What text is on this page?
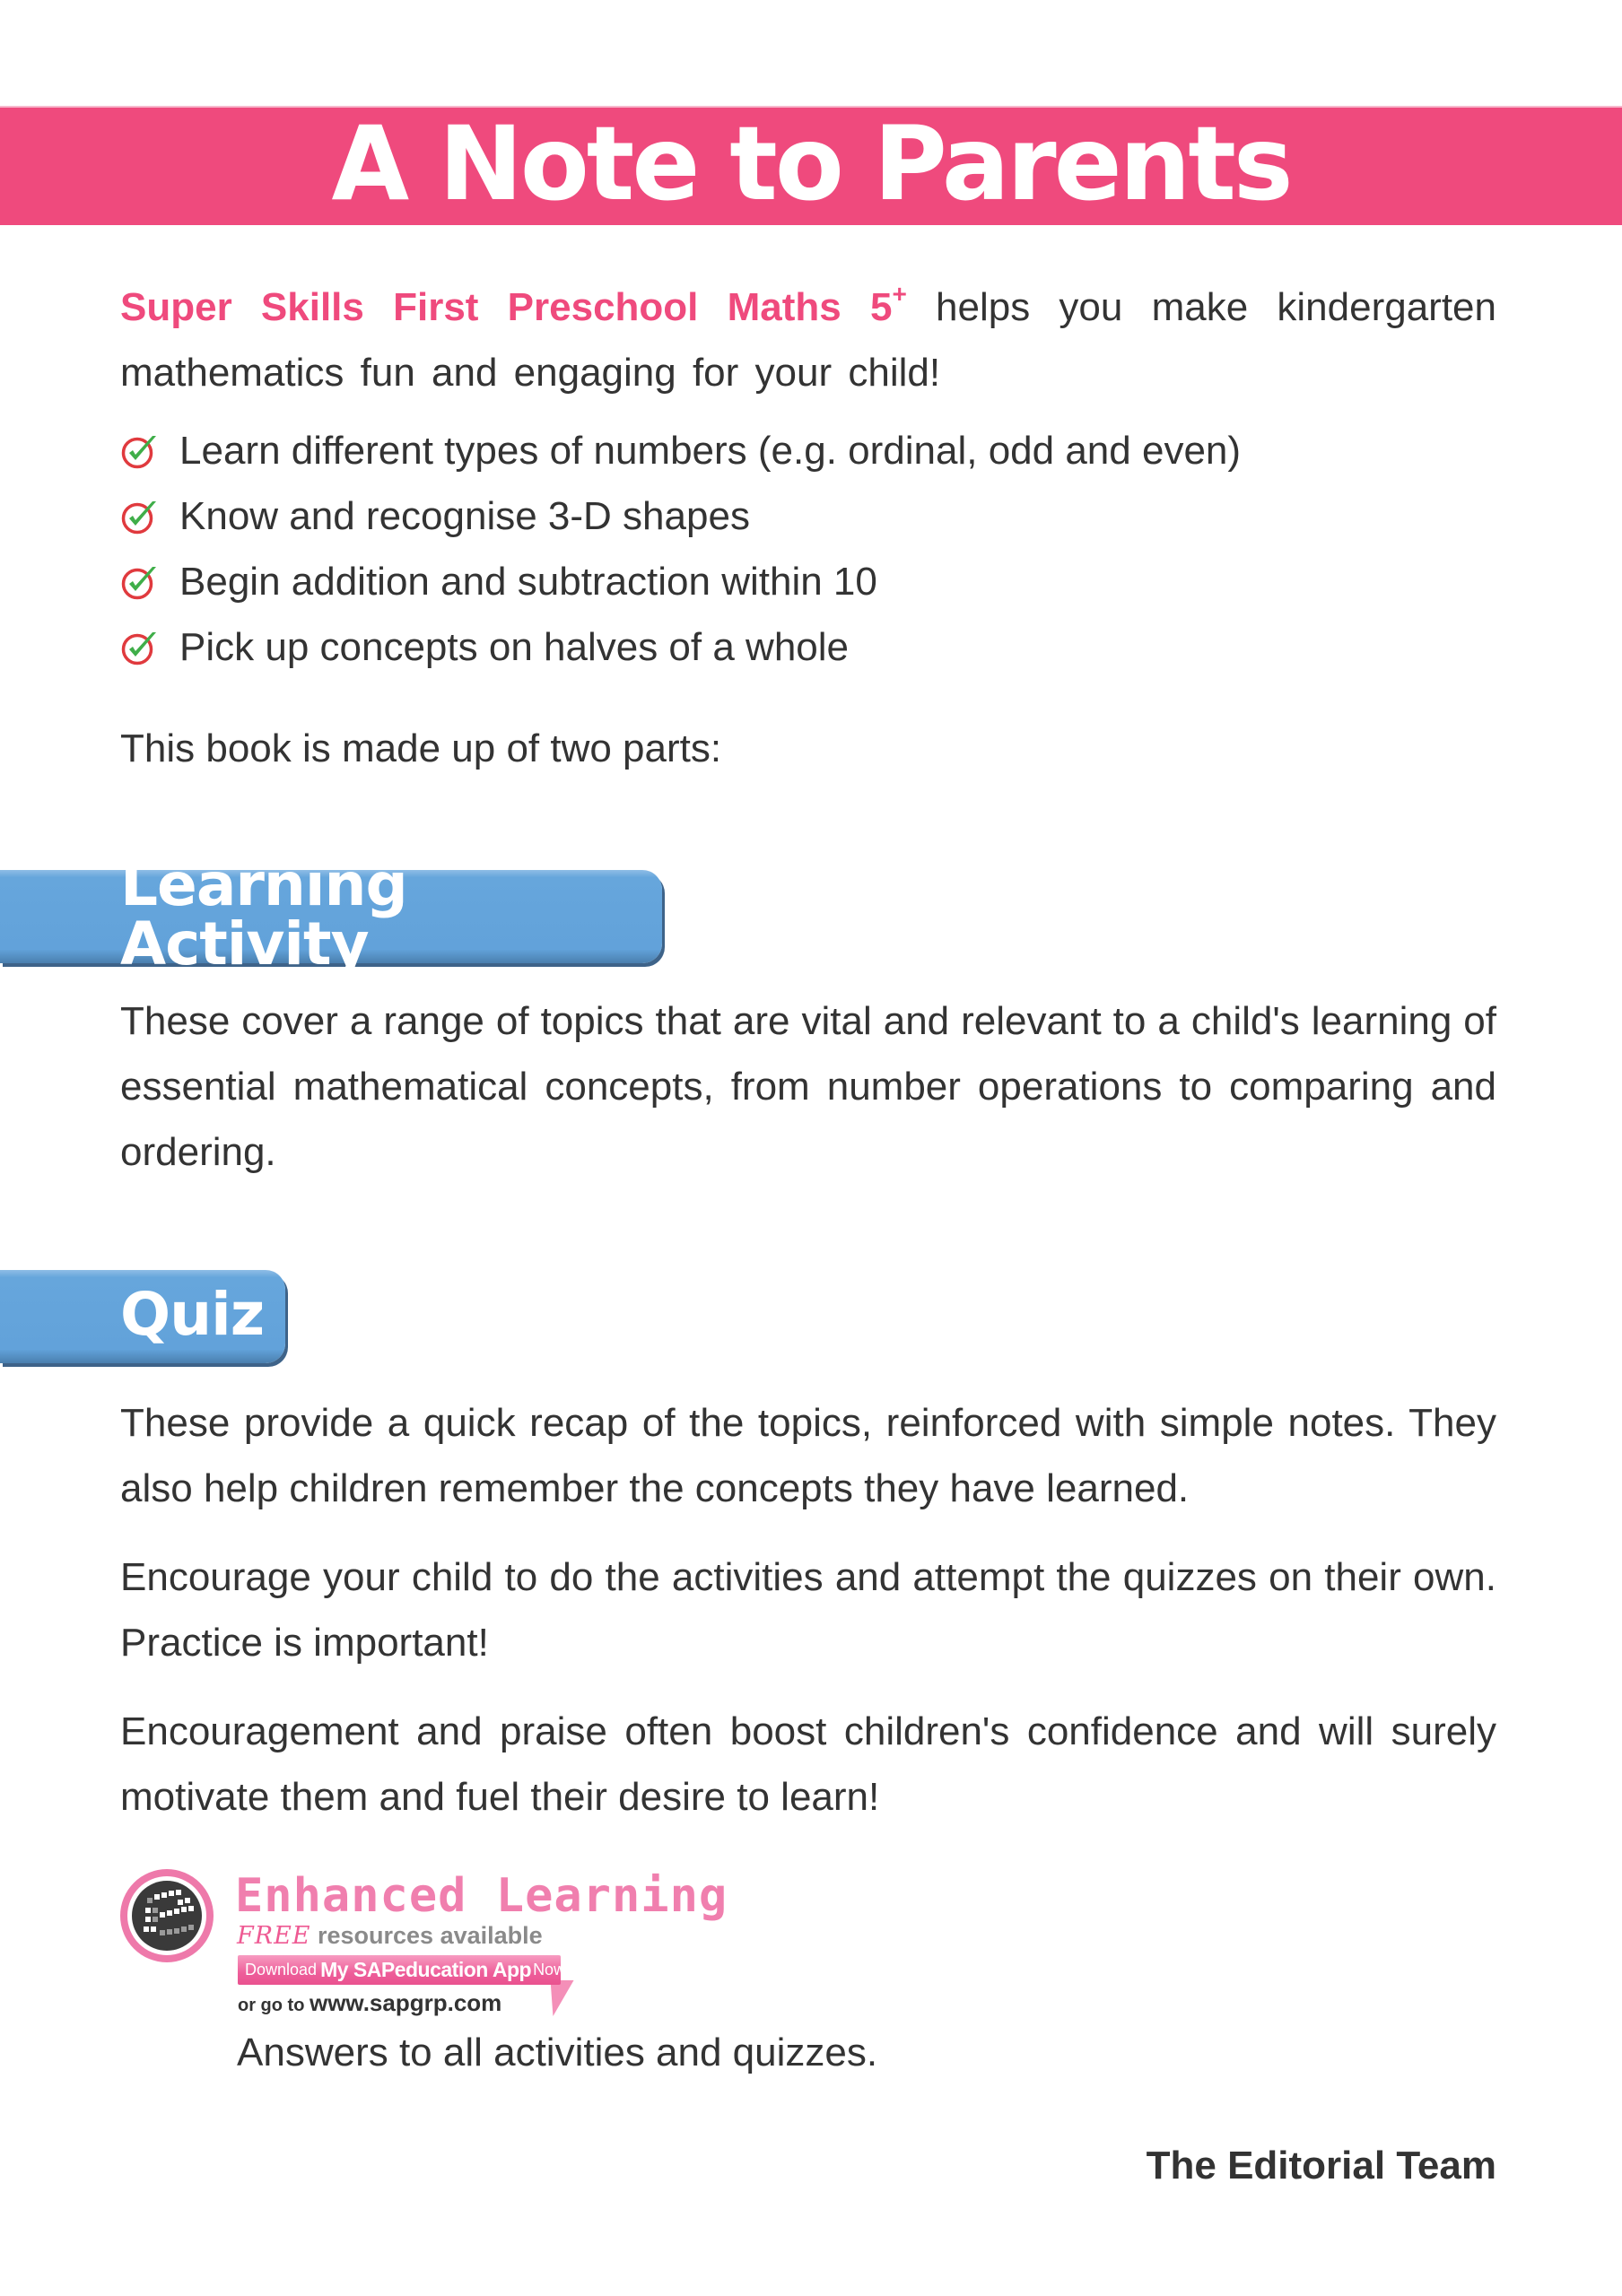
A Note to Parents
Super Skills First Preschool Maths 5+ helps you make kindergarten mathematics fun and engaging for your child!
Learn different types of numbers (e.g. ordinal, odd and even)
Know and recognise 3-D shapes
Begin addition and subtraction within 10
Pick up concepts on halves of a whole
This book is made up of two parts:
Learning Activity
These cover a range of topics that are vital and relevant to a child's learning of essential mathematical concepts, from number operations to comparing and ordering.
Quiz
These provide a quick recap of the topics, reinforced with simple notes. They also help children remember the concepts they have learned.
Encourage your child to do the activities and attempt the quizzes on their own. Practice is important!
Encouragement and praise often boost children's confidence and will surely motivate them and fuel their desire to learn!
Enhanced Learning
FREE resources available
Download My SAPeducation App Now!
or go to www.sapgrp.com
Answers to all activities and quizzes.
The Editorial Team
